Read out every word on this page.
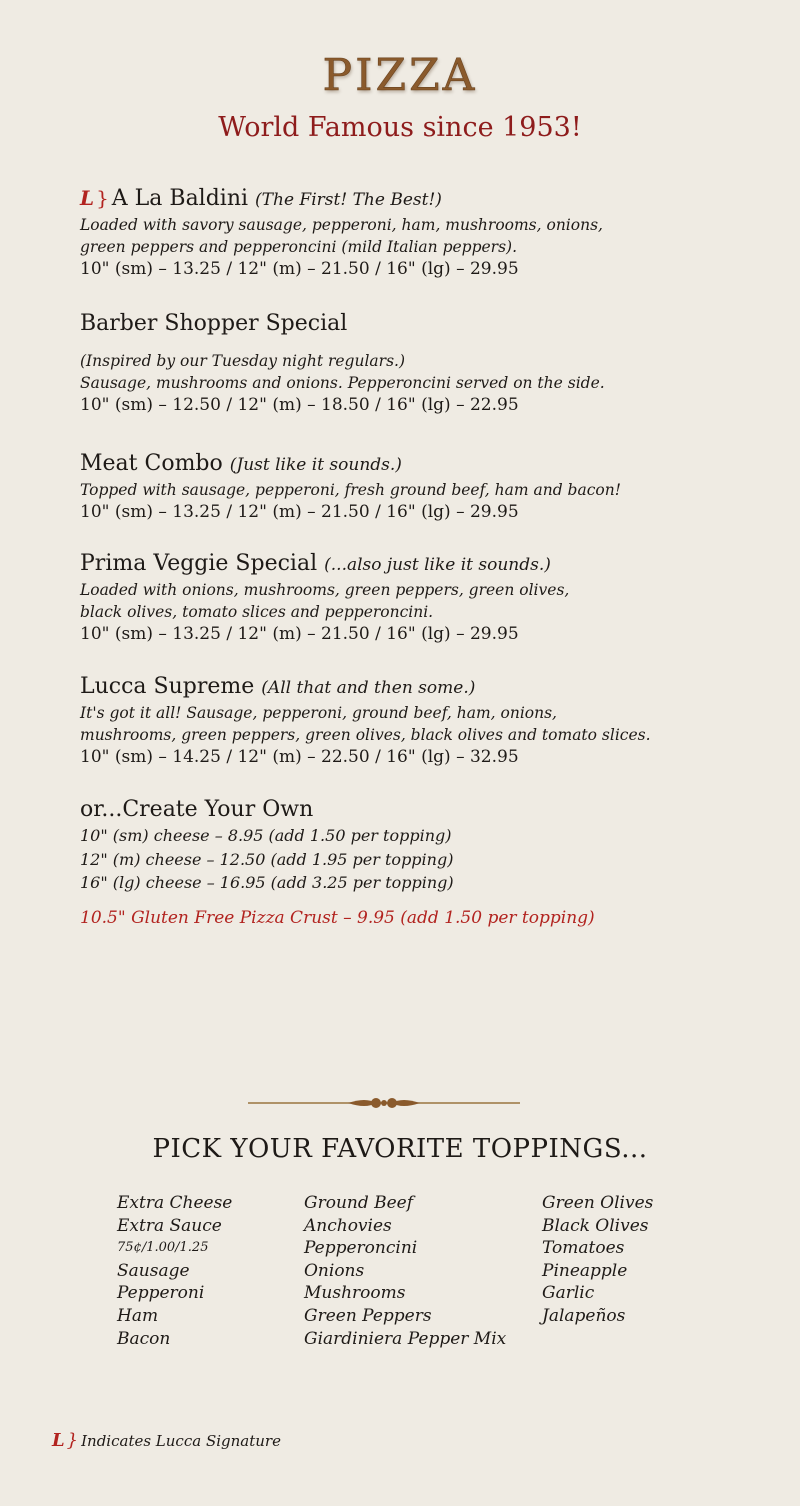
PIZZA
World Famous since 1953!
L } A La Baldini (The First! The Best!)
Loaded with savory sausage, pepperoni, ham, mushrooms, onions,
green peppers and pepperoncini (mild Italian peppers).
10" (sm) – 13.25 / 12" (m) – 21.50 / 16" (lg) – 29.95
Barber Shopper Special
(Inspired by our Tuesday night regulars.)
Sausage, mushrooms and onions. Pepperoncini served on the side.
10" (sm) – 12.50 / 12" (m) – 18.50 / 16" (lg) – 22.95
Meat Combo (Just like it sounds.)
Topped with sausage, pepperoni, fresh ground beef, ham and bacon!
10" (sm) – 13.25 / 12" (m) – 21.50 / 16" (lg) – 29.95
Prima Veggie Special (...also just like it sounds.)
Loaded with onions, mushrooms, green peppers, green olives,
black olives, tomato slices and pepperoncini.
10" (sm) – 13.25 / 12" (m) – 21.50 / 16" (lg) – 29.95
Lucca Supreme (All that and then some.)
It's got it all! Sausage, pepperoni, ground beef, ham, onions,
mushrooms, green peppers, green olives, black olives and tomato slices.
10" (sm) – 14.25 / 12" (m) – 22.50 / 16" (lg) – 32.95
or...Create Your Own
10" (sm) cheese – 8.95 (add 1.50 per topping)
12" (m) cheese – 12.50 (add 1.95 per topping)
16" (lg) cheese – 16.95 (add 3.25 per topping)
10.5" Gluten Free Pizza Crust – 9.95 (add 1.50 per topping)
PICK YOUR FAVORITE TOPPINGS...
Extra Cheese
Extra Sauce
75¢/1.00/1.25
Sausage
Pepperoni
Ham
Bacon
Ground Beef
Anchovies
Pepperoncini
Onions
Mushrooms
Green Peppers
Giardiniera Pepper Mix
Green Olives
Black Olives
Tomatoes
Pineapple
Garlic
Jalapeños
L } Indicates Lucca Signature
